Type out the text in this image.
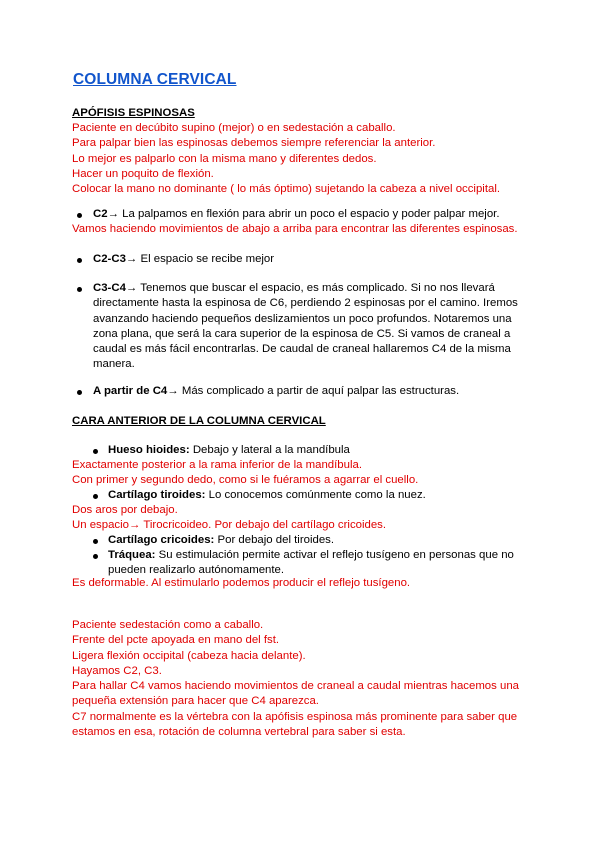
COLUMNA CERVICAL
APÓFISIS ESPINOSAS
Paciente en decúbito supino (mejor) o en sedestación a caballo.
Para palpar bien las espinosas debemos siempre referenciar la anterior.
Lo mejor es palparlo con la misma mano y diferentes dedos.
Hacer un poquito de flexión.
Colocar la mano no dominante ( lo más óptimo) sujetando la cabeza a nivel occipital.
C2→ La palpamos en flexión para abrir un poco el espacio y poder palpar mejor.
Vamos haciendo movimientos de abajo a arriba para encontrar las diferentes espinosas.
C2-C3→ El espacio se recibe mejor
C3-C4→ Tenemos que buscar el espacio, es más complicado. Si no nos llevará
directamente hasta la espinosa de C6, perdiendo 2 espinosas por el camino. Iremos
avanzando haciendo pequeños deslizamientos un poco profundos. Notaremos una
zona plana, que será la cara superior de la espinosa de C5. Si vamos de craneal a
caudal es más fácil encontrarlas. De caudal de craneal hallaremos C4 de la misma
manera.
A partir de C4→ Más complicado a partir de aquí palpar las estructuras.
CARA ANTERIOR DE LA COLUMNA CERVICAL
Hueso hioides: Debajo y lateral a la mandíbula
Exactamente posterior a la rama inferior de la mandíbula.
Con primer y segundo dedo, como si le fuéramos a agarrar el cuello.
Cartílago tiroides: Lo conocemos comúnmente como la nuez.
Dos aros por debajo.
Un espacio→ Tirocricoideo. Por debajo del cartílago cricoides.
Cartílago cricoides: Por debajo del tiroides.
Tráquea: Su estimulación permite activar el reflejo tusígeno en personas que no
pueden realizarlo autónomamente.
Es deformable. Al estimularlo podemos producir el reflejo tusígeno.
Paciente sedestación como a caballo.
Frente del pcte apoyada en mano del fst.
Ligera flexión occipital (cabeza hacia delante).
Hayamos C2, C3.
Para hallar C4 vamos haciendo movimientos de craneal a caudal mientras hacemos una
pequeña extensión para hacer que C4 aparezca.
C7 normalmente es la vértebra con la apófisis espinosa más prominente para saber que
estamos en esa, rotación de columna vertebral para saber si esta.
